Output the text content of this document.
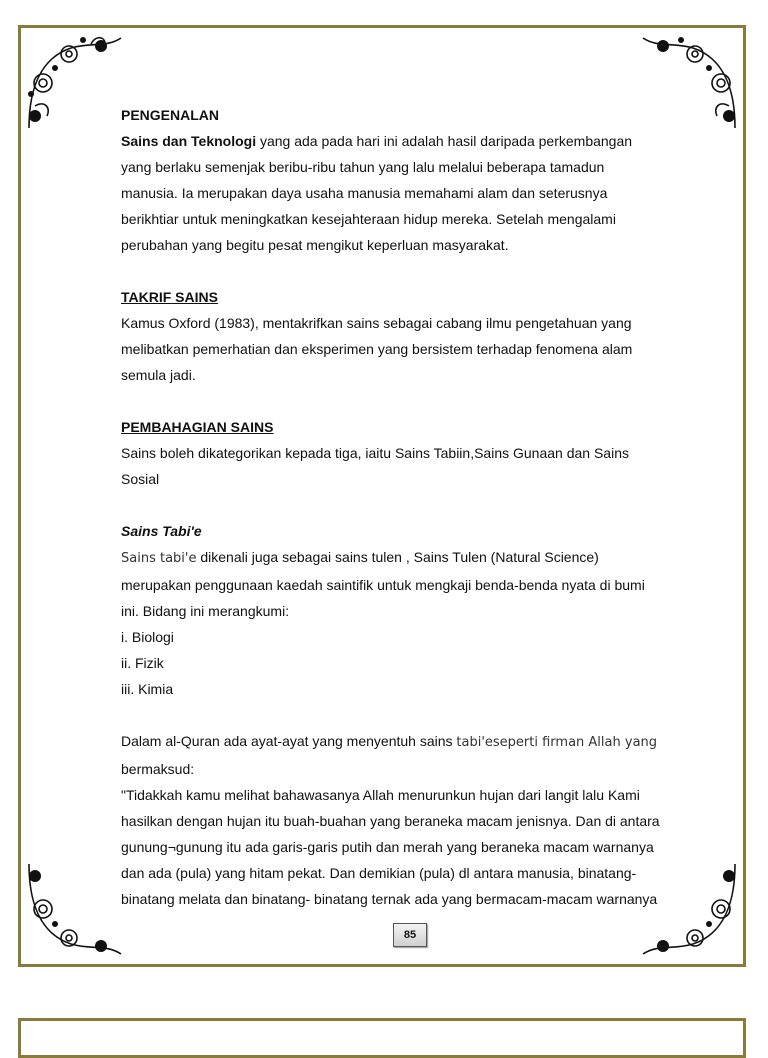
PENGENALAN

Sains dan Teknologi yang ada pada hari ini adalah hasil daripada perkembangan

yang berlaku semenjak beribu-ribu tahun yang lalu melalui beberapa tamadun

manusia. Ia merupakan daya usaha manusia memahami alam dan seterusnya

berikhtiar untuk meningkatkan kesejahteraan hidup mereka. Setelah mengalami

perubahan yang begitu pesat mengikut keperluan masyarakat.

TAKRIF SAINS

Kamus Oxford (1983), mentakrifkan sains sebagai cabang ilmu pengetahuan yang

melibatkan pemerhatian dan eksperimen yang bersistem terhadap fenomena alam

semula jadi.

PEMBAHAGIAN SAINS

Sains boleh dikategorikan kepada tiga, iaitu Sains Tabiin,Sains Gunaan dan Sains

Sosial

Sains Tabi'e

Sains tabi'e dikenali juga sebagai sains tulen , Sains Tulen (Natural Science)

merupakan penggunaan kaedah saintifik untuk mengkaji benda-benda nyata di bumi

ini. Bidang ini merangkumi:

i. Biologi

ii. Fizik

iii. Kimia

Dalam al-Quran ada ayat-ayat yang menyentuh sains tabi'eseperti firman Allah yang

bermaksud:

"Tidakkah kamu melihat bahawasanya Allah menurunkun hujan dari langit lalu Kami

hasilkan dengan hujan itu buah-buahan yang beraneka macam jenisnya. Dan di antara

gunung¬gunung itu ada garis-garis putih dan merah yang beraneka macam warnanya

dan ada (pula) yang hitam pekat. Dan demikian (pula) dl antara manusia, binatang-

binatang melata dan binatang- binatang ternak ada yang bermacam-macam warnanya

85
